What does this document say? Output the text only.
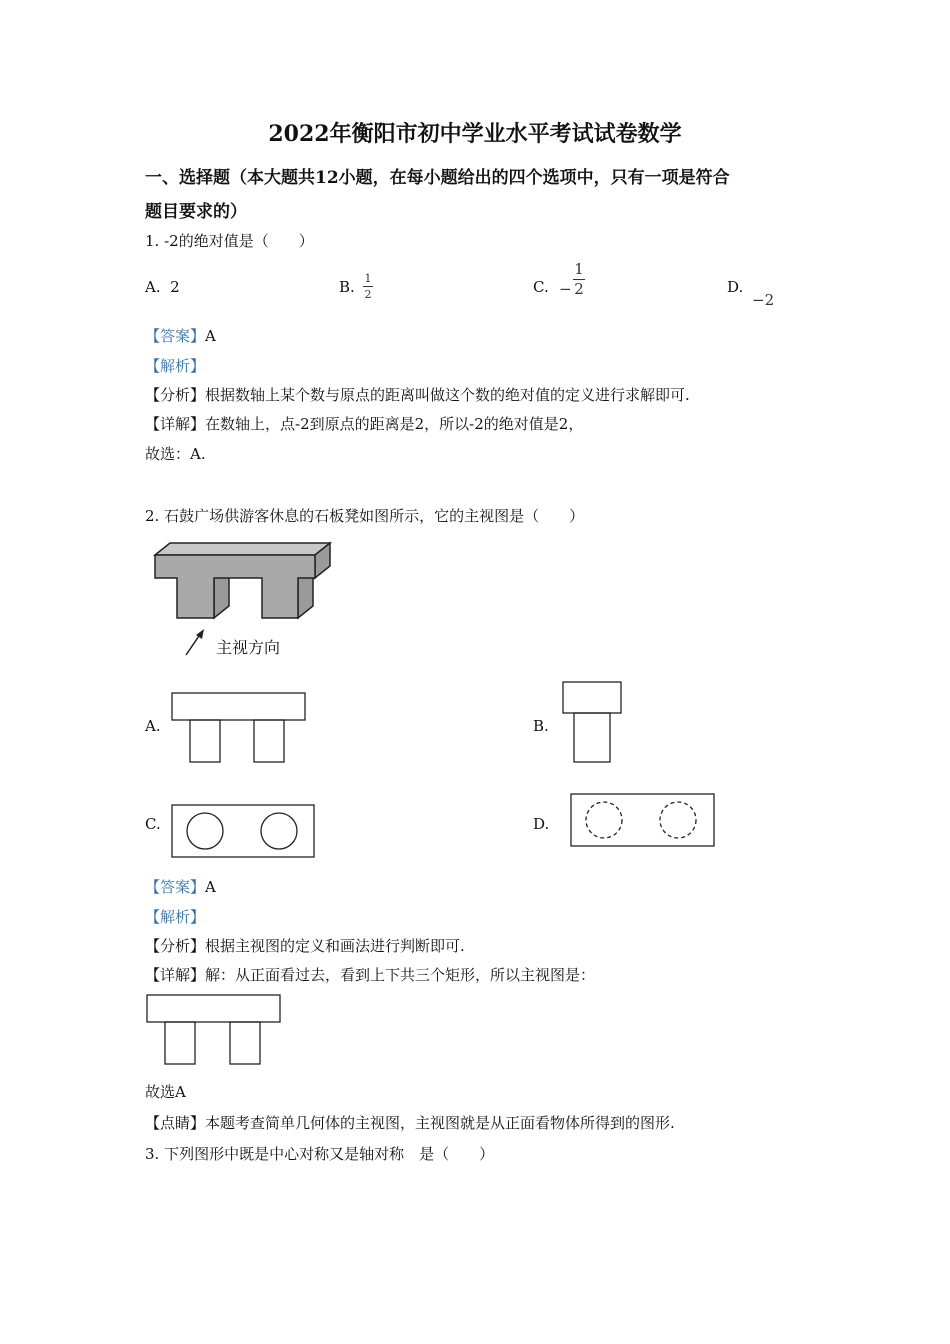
2022年衡阳市初中学业水平考试试卷数学
一、选择题（本大题共12小题，在每小题给出的四个选项中，只有一项是符合
题目要求的）
1. -2的绝对值是（　　）
A. 2	B. 1
2	C. −
1
2	D.
−2
【答案】A
【解析】
【分析】根据数轴上某个数与原点的距离叫做这个数的绝对值的定义进行求解即可.
【详解】在数轴上，点-2到原点的距离是2，所以-2的绝对值是2，
故选：A.
2. 石鼓广场供游客休息的石板凳如图所示，它的主视图是（　　）
主视方向
A.	B.
C.	D.
【答案】A
【解析】
【分析】根据主视图的定义和画法进行判断即可.
【详解】解：从正面看过去，看到上下共三个矩形，所以主视图是：
故选A
【点睛】本题考查简单几何体的主视图，主视图就是从正面看物体所得到的图形.
3. 下列图形中既是中心对称又是轴对称　是（　　）
